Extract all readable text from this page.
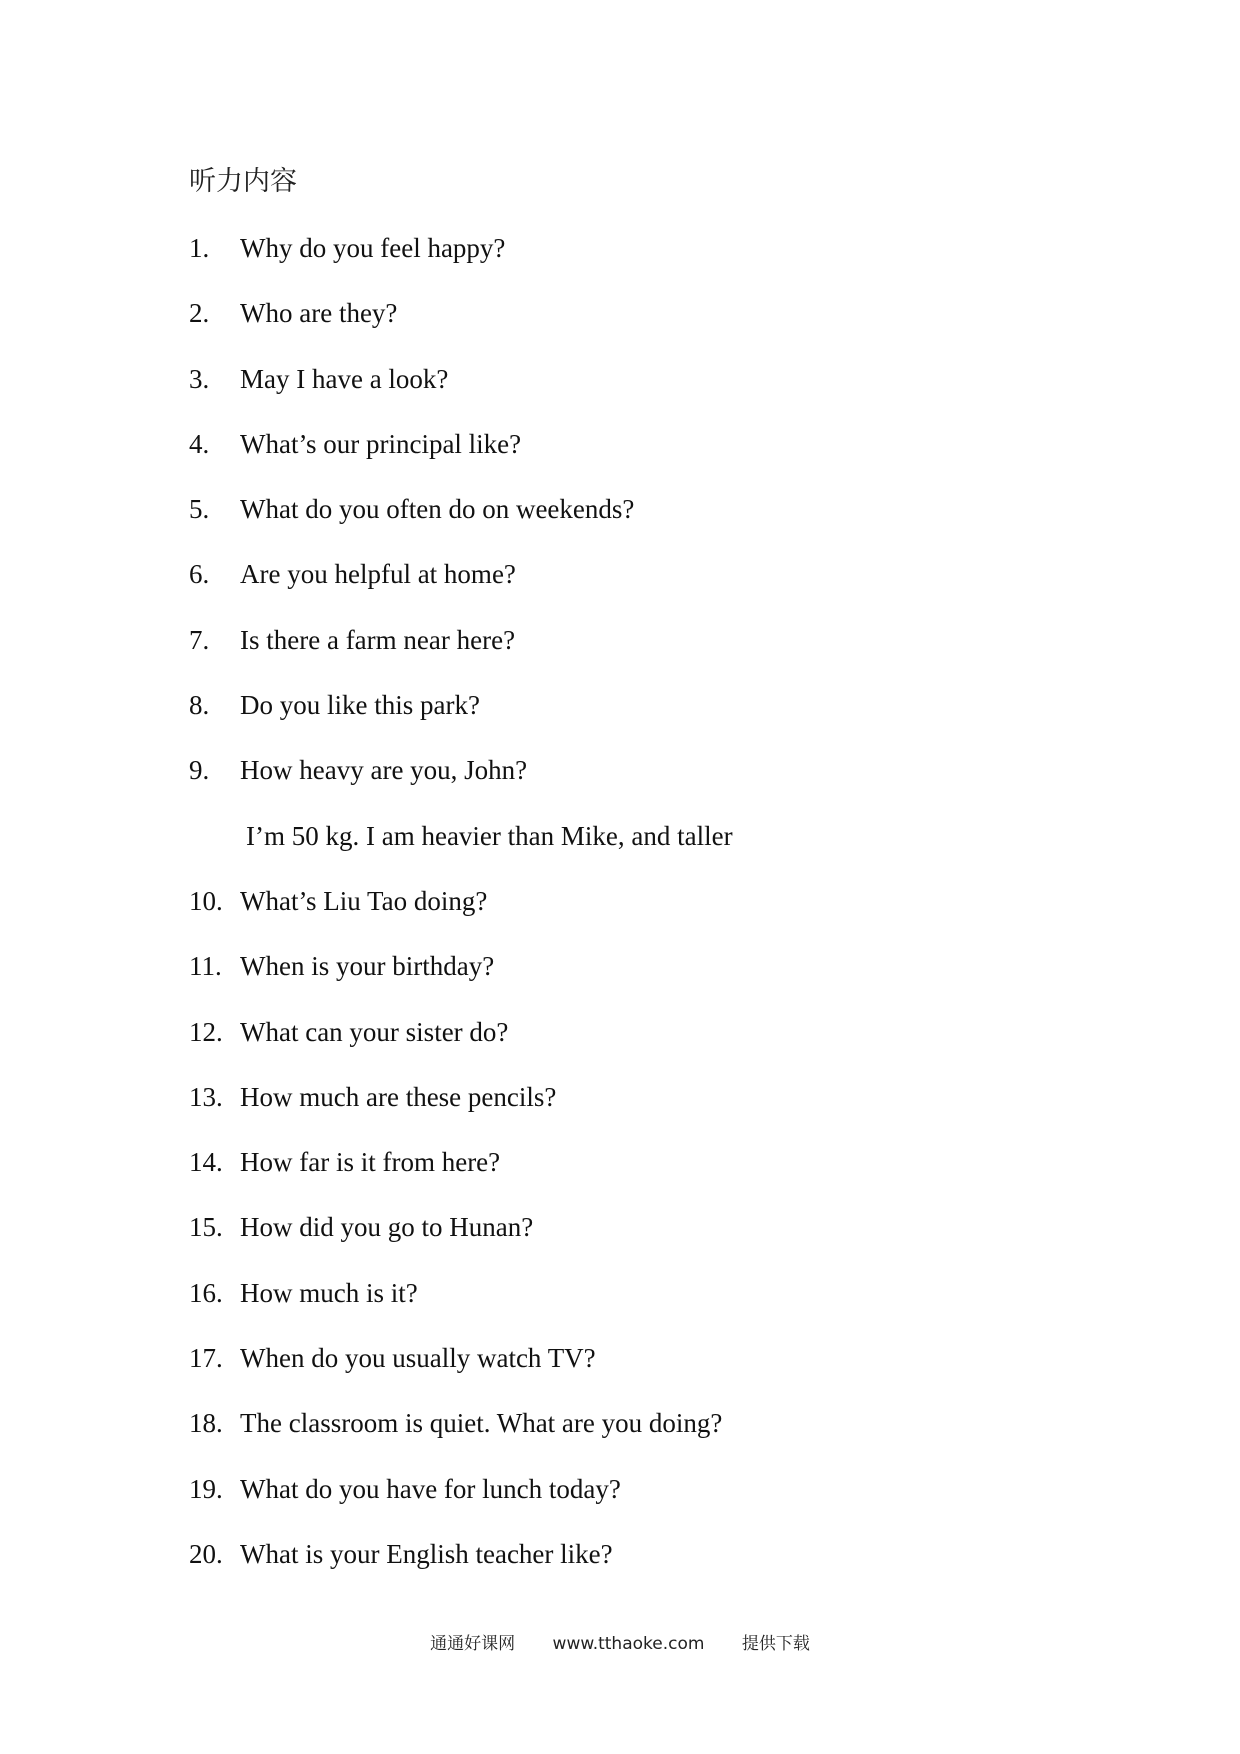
听力内容
1. Why do you feel happy?
2. Who are they?
3. May I have a look?
4. What’s our principal like?
5. What do you often do on weekends?
6. Are you helpful at home?
7. Is there a farm near here?
8. Do you like this park?
9. How heavy are you, John?
I’m 50 kg. I am heavier than Mike, and taller
10. What’s Liu Tao doing?
11. When is your birthday?
12. What can your sister do?
13. How much are these pencils?
14. How far is it from here?
15. How did you go to Hunan?
16. How much is it?
17. When do you usually watch TV?
18. The classroom is quiet. What are you doing?
19. What do you have for lunch today?
20. What is your English teacher like?
通通好课网 www.tthaoke.com 提供下载
